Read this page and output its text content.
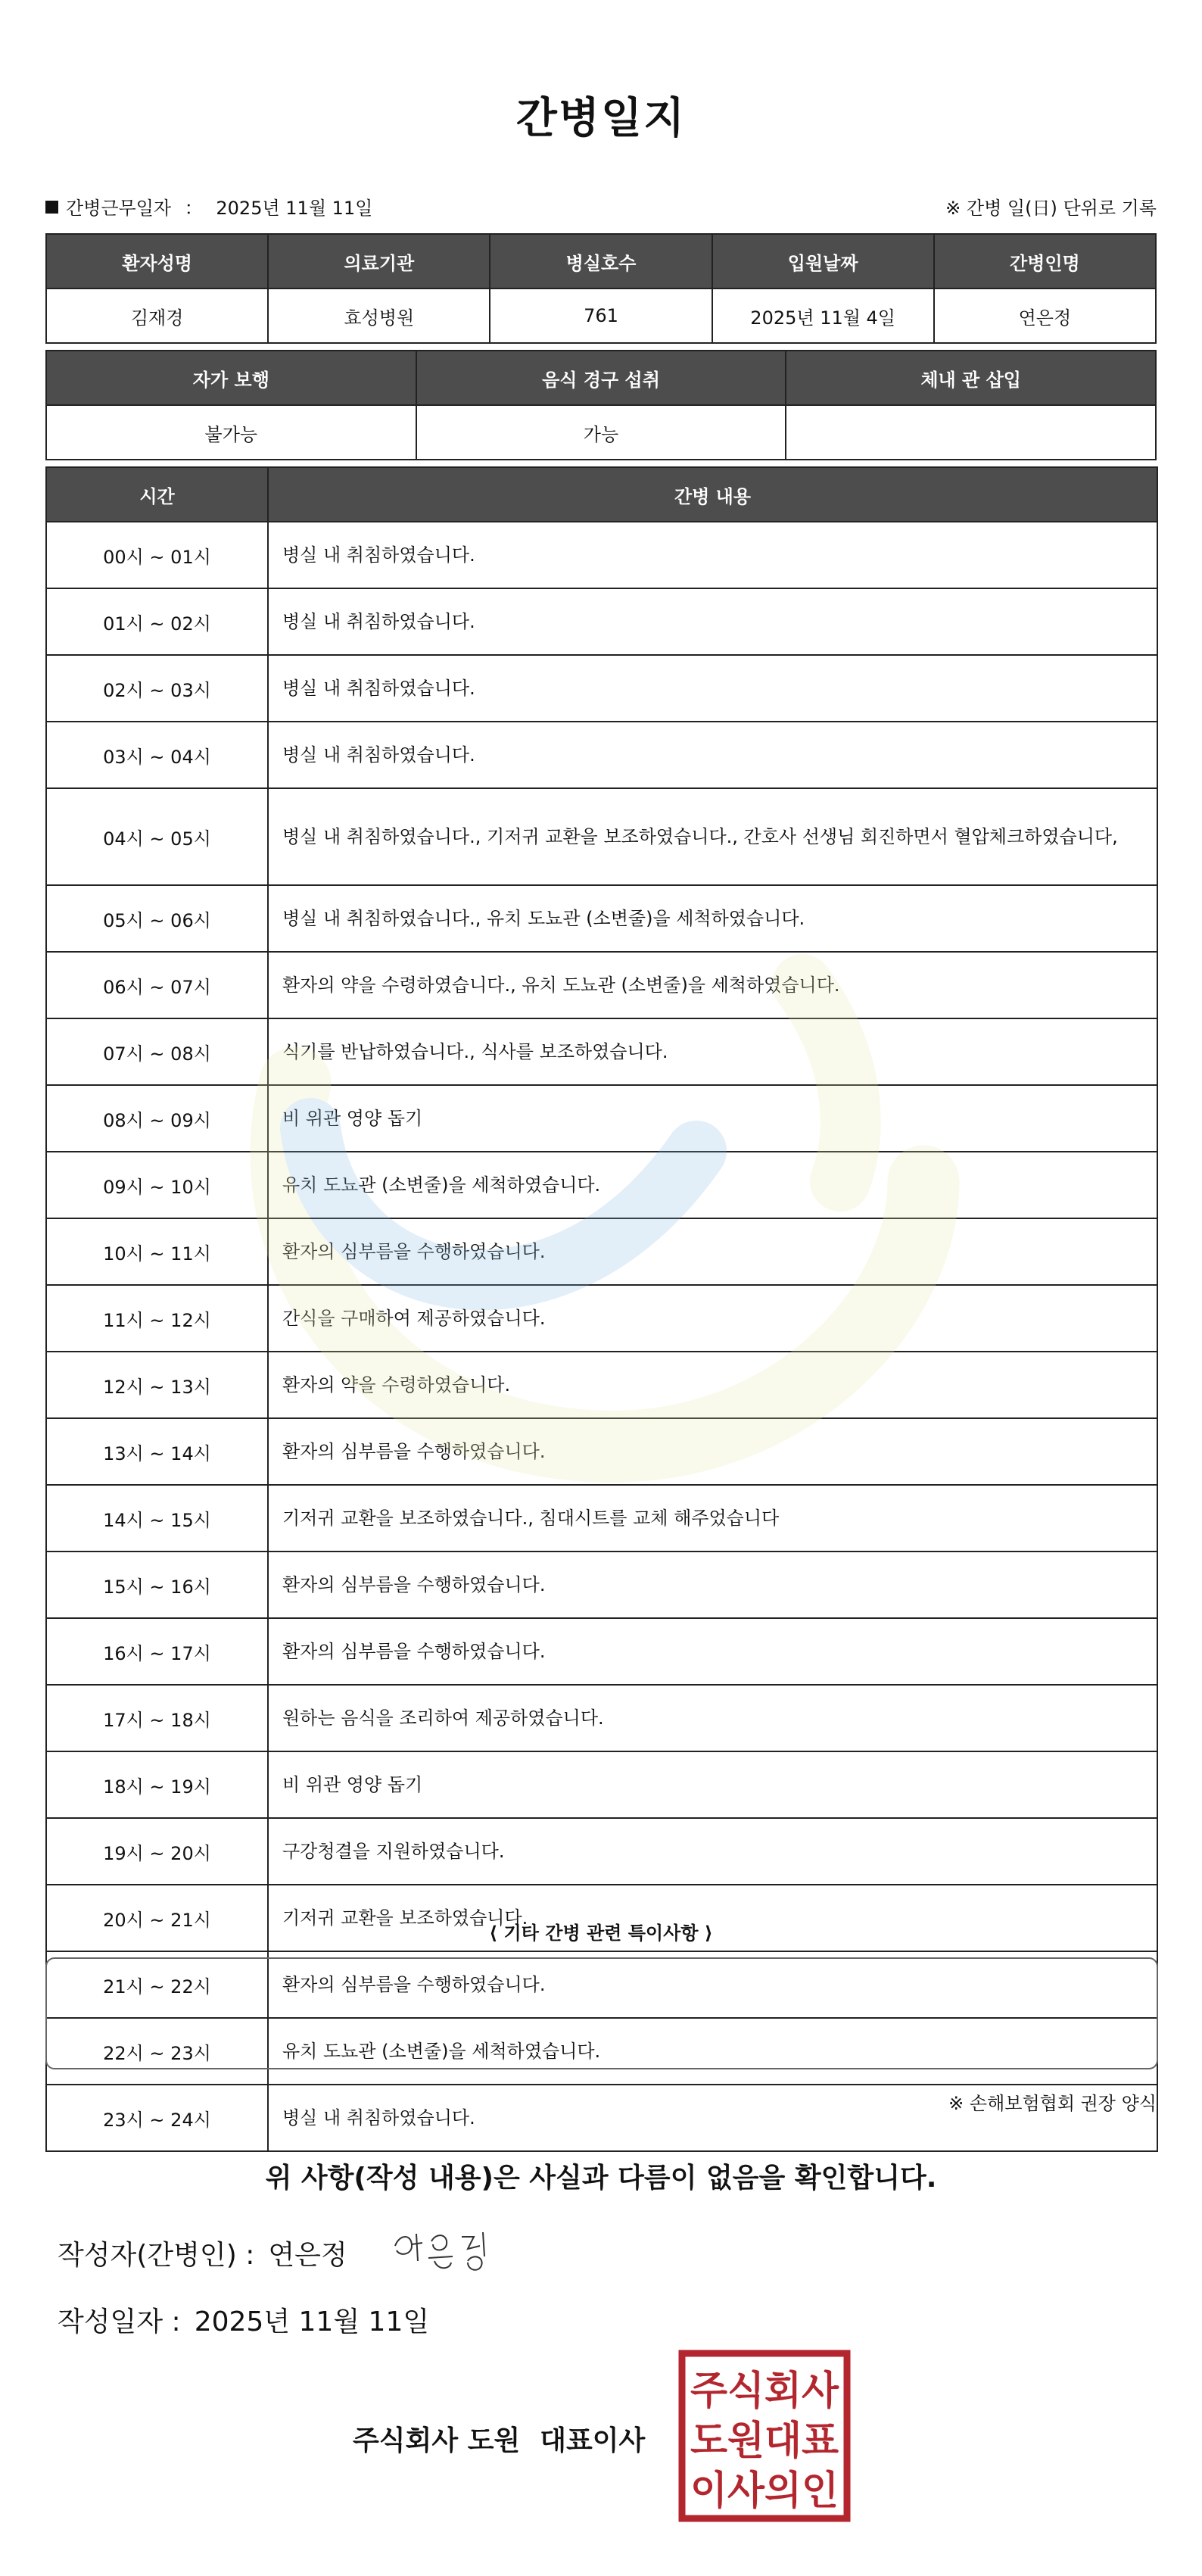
간병일지
간병근무일자 ： 2025년 11월 11일	※ 간병 일(日) 단위로 기록
환자성명	의료기관	병실호수	입원날짜	간병인명
김재경	효성병원	761	2025년 11월 4일	연은정
자가 보행	음식 경구 섭취	체내 관 삽입
불가능	가능	
시간	간병 내용
00시 ~ 01시	병실 내 취침하였습니다.
01시 ~ 02시	병실 내 취침하였습니다.
02시 ~ 03시	병실 내 취침하였습니다.
03시 ~ 04시	병실 내 취침하였습니다.
04시 ~ 05시	병실 내 취침하였습니다., 기저귀 교환을 보조하였습니다., 간호사 선생님 회진하면서 혈압체크하였습니다,
05시 ~ 06시	병실 내 취침하였습니다., 유치 도뇨관 (소변줄)을 세척하였습니다.
06시 ~ 07시	환자의 약을 수령하였습니다., 유치 도뇨관 (소변줄)을 세척하였습니다.
07시 ~ 08시	식기를 반납하였습니다., 식사를 보조하였습니다.
08시 ~ 09시	비 위관 영양 돕기
09시 ~ 10시	유치 도뇨관 (소변줄)을 세척하였습니다.
10시 ~ 11시	환자의 심부름을 수행하였습니다.
11시 ~ 12시	간식을 구매하여 제공하였습니다.
12시 ~ 13시	환자의 약을 수령하였습니다.
13시 ~ 14시	환자의 심부름을 수행하였습니다.
14시 ~ 15시	기저귀 교환을 보조하였습니다., 침대시트를 교체 해주었습니다
15시 ~ 16시	환자의 심부름을 수행하였습니다.
16시 ~ 17시	환자의 심부름을 수행하였습니다.
17시 ~ 18시	원하는 음식을 조리하여 제공하였습니다.
18시 ~ 19시	비 위관 영양 돕기
19시 ~ 20시	구강청결을 지원하였습니다.
20시 ~ 21시	기저귀 교환을 보조하였습니다.
21시 ~ 22시	환자의 심부름을 수행하였습니다.
22시 ~ 23시	유치 도뇨관 (소변줄)을 세척하였습니다.
23시 ~ 24시	병실 내 취침하였습니다.
⟨ 기타 간병 관련 특이사항 ⟩
※ 손해보험협회 권장 양식
위 사항(작성 내용)은 사실과 다름이 없음을 확인합니다.
작성자(간병인) : 연은정
작성일자 : 2025년 11월 11일
주식회사 도원 대표이사
주식회사
도원대표
이사의인
